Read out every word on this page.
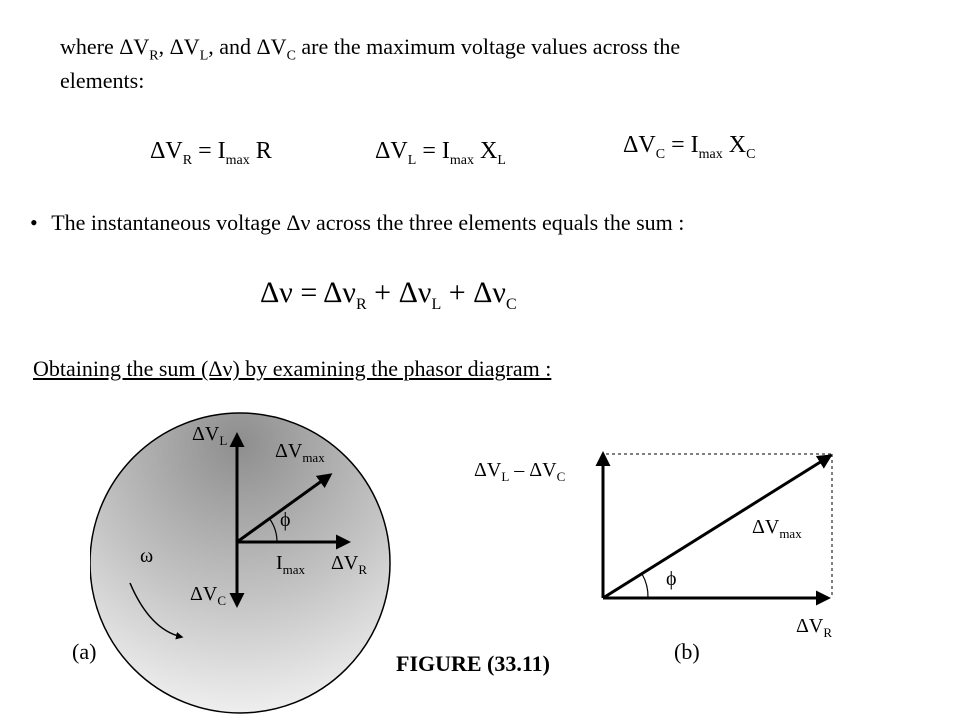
where $\Delta V_R$, $\Delta V_L$, and $\Delta V_C$ are the maximum voltage values across the
elements:
$\Delta V_R = I_{max}$ R	$\Delta V_L = I_{max}$ $X_L$
$\Delta V_C = I_{max}$ $X_C$
• The instantaneous voltage Δν across the three elements equals the sum :
$\Delta\nu = \Delta\nu_R + \Delta\nu_L + \Delta\nu_C$
Obtaining the sum (Δν) by examining the phasor diagram :
$\Delta V_L$ $\Delta V_{max}$
ϕ
$I_{max}$ $\Delta V_R$
ω
$\Delta V_C$
(a)
$\Delta V_L - \Delta V_C$
$\Delta V_{max}$
ϕ
$\Delta V_R$
(b)
FIGURE (33.11)
